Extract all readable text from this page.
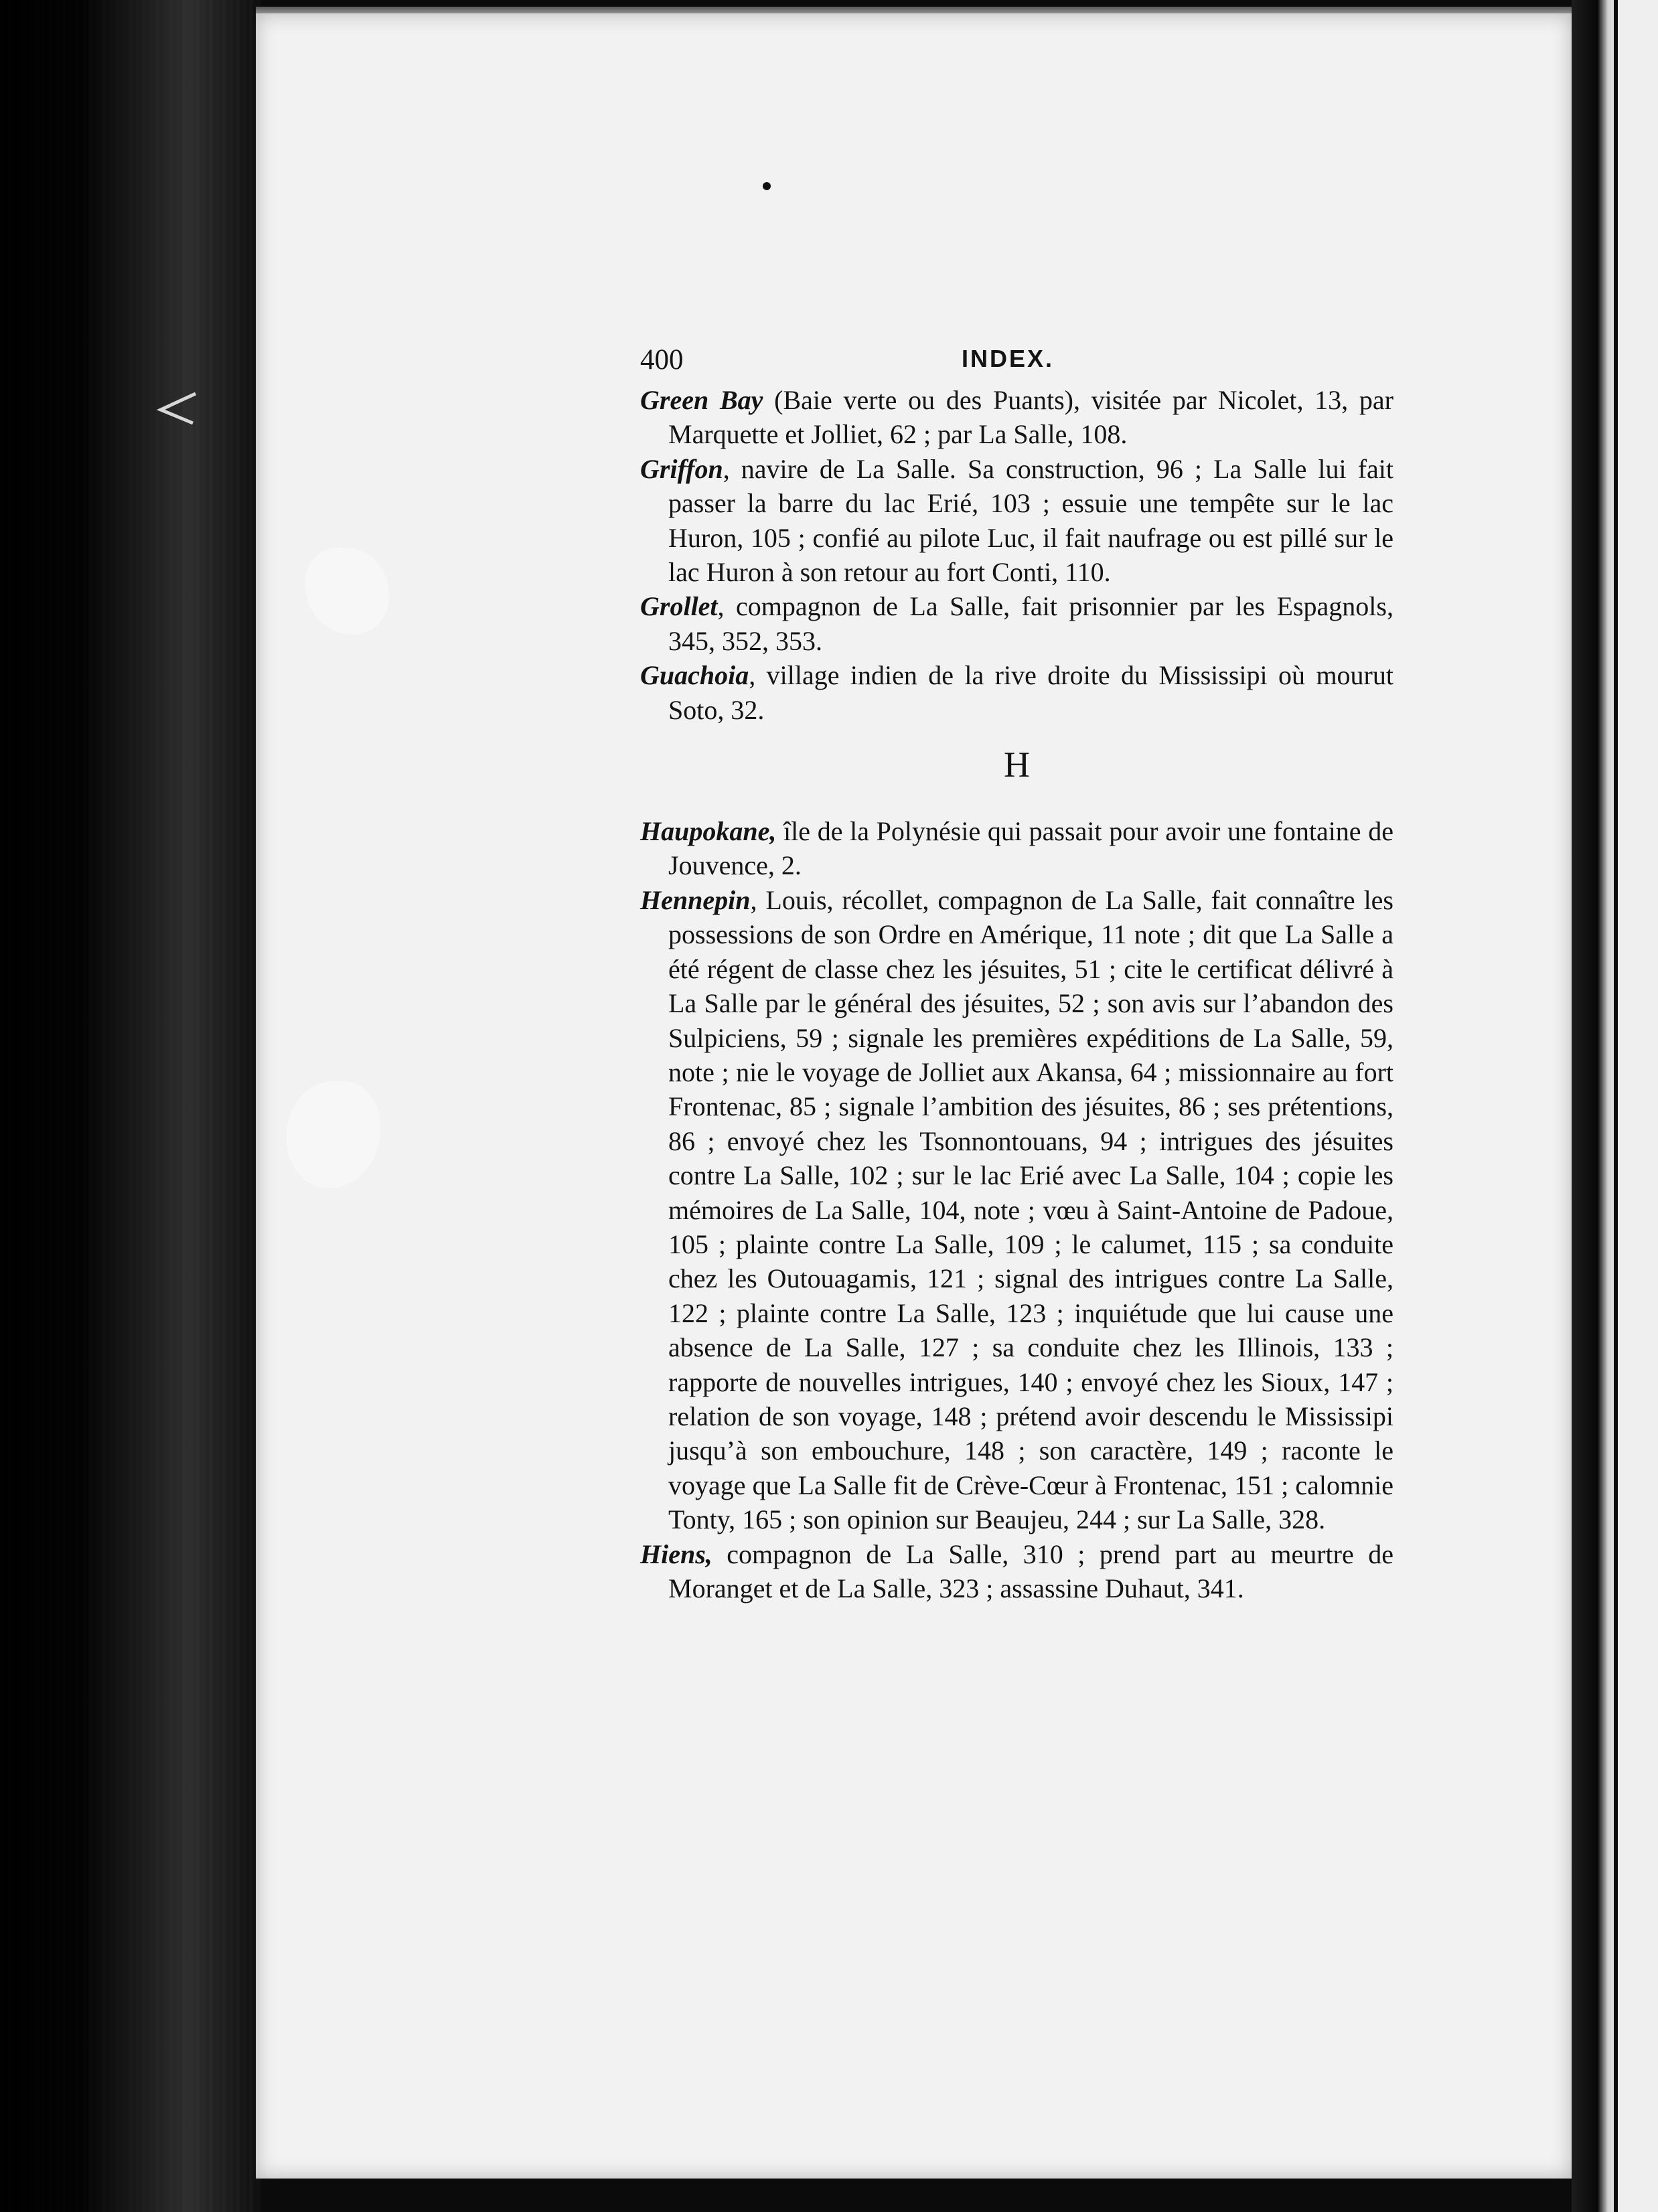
400	INDEX.

Green Bay (Baie verte ou des Puants), visitée par Nicolet, 13, par Marquette et Jolliet, 62 ; par La Salle, 108.

Griffon, navire de La Salle. Sa construction, 96 ; La Salle lui fait passer la barre du lac Erié, 103 ; essuie une tempête sur le lac Huron, 105 ; confié au pilote Luc, il fait naufrage ou est pillé sur le lac Huron à son retour au fort Conti, 110.

Grollet, compagnon de La Salle, fait prisonnier par les Espagnols, 345, 352, 353.

Guachoia, village indien de la rive droite du Mississipi où mourut Soto, 32.

H

Haupokane, île de la Polynésie qui passait pour avoir une fontaine de Jouvence, 2.

Hennepin, Louis, récollet, compagnon de La Salle, fait connaître les possessions de son Ordre en Amérique, 11 note ; dit que La Salle a été régent de classe chez les jésuites, 51 ; cite le certificat délivré à La Salle par le général des jésuites, 52 ; son avis sur l’abandon des Sulpiciens, 59 ; signale les premières expéditions de La Salle, 59, note ; nie le voyage de Jolliet aux Akansa, 64 ; missionnaire au fort Frontenac, 85 ; signale l’ambition des jésuites, 86 ; ses prétentions, 86 ; envoyé chez les Tsonnontouans, 94 ; intrigues des jésuites contre La Salle, 102 ; sur le lac Erié avec La Salle, 104 ; copie les mémoires de La Salle, 104, note ; vœu à Saint-Antoine de Padoue, 105 ; plainte contre La Salle, 109 ; le calumet, 115 ; sa conduite chez les Outouagamis, 121 ; signal des intrigues contre La Salle, 122 ; plainte contre La Salle, 123 ; inquiétude que lui cause une absence de La Salle, 127 ; sa conduite chez les Illinois, 133 ; rapporte de nouvelles intrigues, 140 ; envoyé chez les Sioux, 147 ; relation de son voyage, 148 ; prétend avoir descendu le Mississipi jusqu’à son embouchure, 148 ; son caractère, 149 ; raconte le voyage que La Salle fit de Crève-Cœur à Frontenac, 151 ; calomnie Tonty, 165 ; son opinion sur Beaujeu, 244 ; sur La Salle, 328.

Hiens, compagnon de La Salle, 310 ; prend part au meurtre de Moranget et de La Salle, 323 ; assassine Duhaut, 341.
